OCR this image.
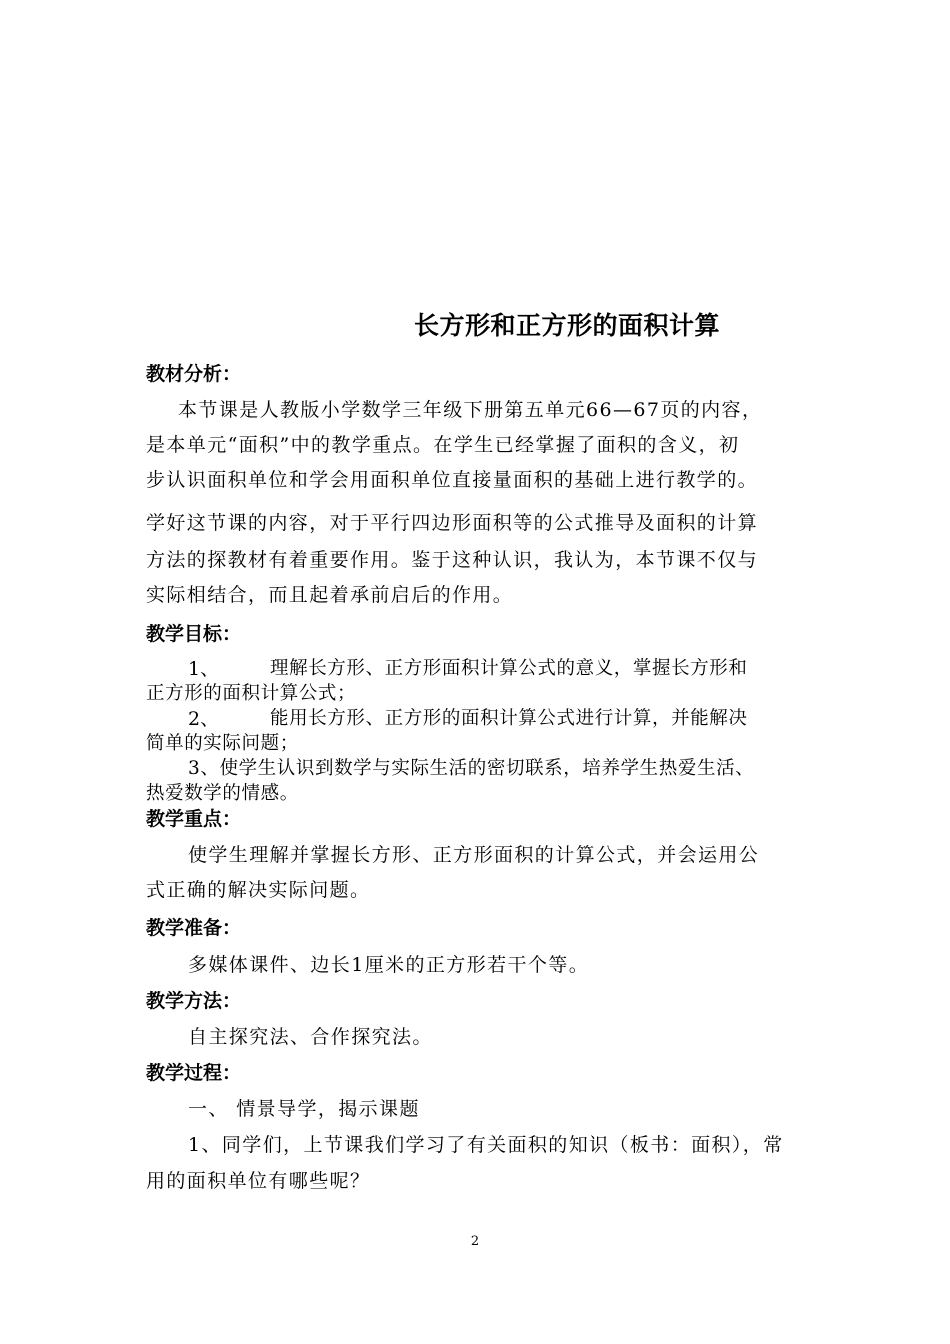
长方形和正方形的面积计算
教材分析：
本节课是人教版小学数学三年级下册第五单元66—67页的内容，
是本单元“面积”中的教学重点。在学生已经掌握了面积的含义，初
步认识面积单位和学会用面积单位直接量面积的基础上进行教学的。
学好这节课的内容，对于平行四边形面积等的公式推导及面积的计算
方法的探教材有着重要作用。鉴于这种认识，我认为，本节课不仅与
实际相结合，而且起着承前启后的作用。
教学目标：
1、	理解长方形、正方形面积计算公式的意义，掌握长方形和
正方形的面积计算公式；
2、	能用长方形、正方形的面积计算公式进行计算，并能解决
简单的实际问题；
3、使学生认识到数学与实际生活的密切联系，培养学生热爱生活、
热爱数学的情感。
教学重点：
使学生理解并掌握长方形、正方形面积的计算公式，并会运用公
式正确的解决实际问题。
教学准备：
多媒体课件、边长1厘米的正方形若干个等。
教学方法：
自主探究法、合作探究法。
教学过程：
一、 情景导学，揭示课题
1、同学们，上节课我们学习了有关面积的知识（板书：面积），常
用的面积单位有哪些呢？
2
